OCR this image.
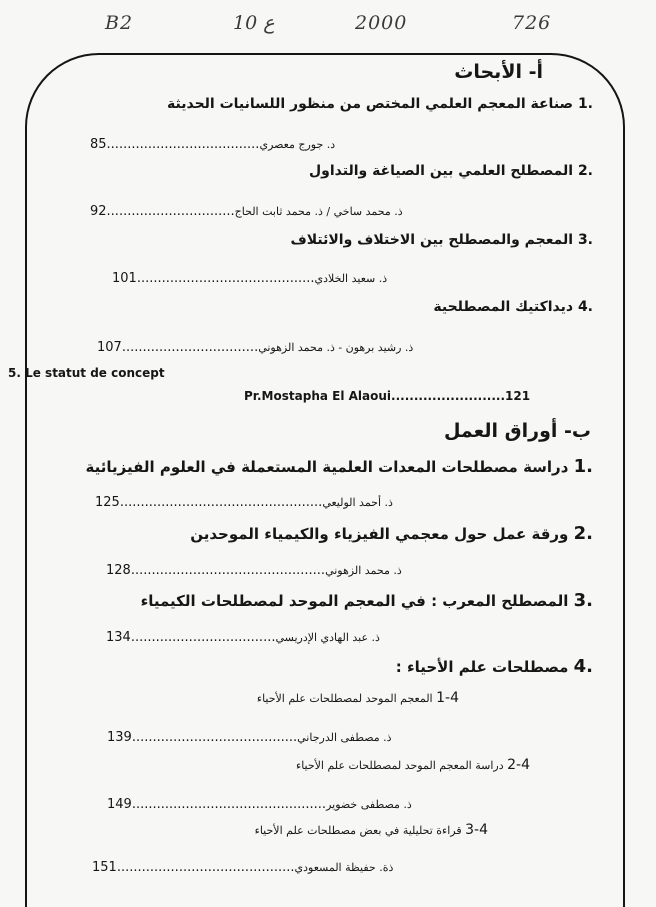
B2	10 ع	2000	726
أ- الأبحاث
1. صناعة المعجم العلمي المختص من منظور اللسانيات الحديثة
85.....................................د. جورج معصري
2. المصطلح العلمي بين الصياغة والتداول
92...............................ذ. محمد ساخي / ذ. محمد ثابت الحاج
3. المعجم والمصطلح بين الاختلاف والائتلاف
101...........................................ذ. سعيد الخلادي
4. ديداكتيك المصطلحية
107.................................ذ. رشيد برهون - ذ. محمد الزهوني
5. Le statut de concept
Pr.Mostapha El Alaoui.........................121
ب- أوراق العمل
1. دراسة مصطلحات المعدات العلمية المستعملة في العلوم الفيزيائية
125.................................................ذ. أحمد الوليعي
2. ورقة عمل حول معجمي الفيزياء والكيمياء الموحدين
128...............................................ذ. محمد الزهوني
3. المصطلح المعرب : في المعجم الموحد لمصطلحات الكيمياء
134...................................ذ. عبد الهادي الإدريسي
4. مصطلحات علم الأحياء :
1-4 المعجم الموحد لمصطلحات علم الأحياء
139........................................ذ. مصطفى الدرجاني
2-4 دراسة المعجم الموحد لمصطلحات علم الأحياء
149...............................................ذ. مصطفى خضوير
3-4 قراءة تحليلية في بعض مصطلحات علم الأحياء
151...........................................ذة. حفيظة المسعودي
